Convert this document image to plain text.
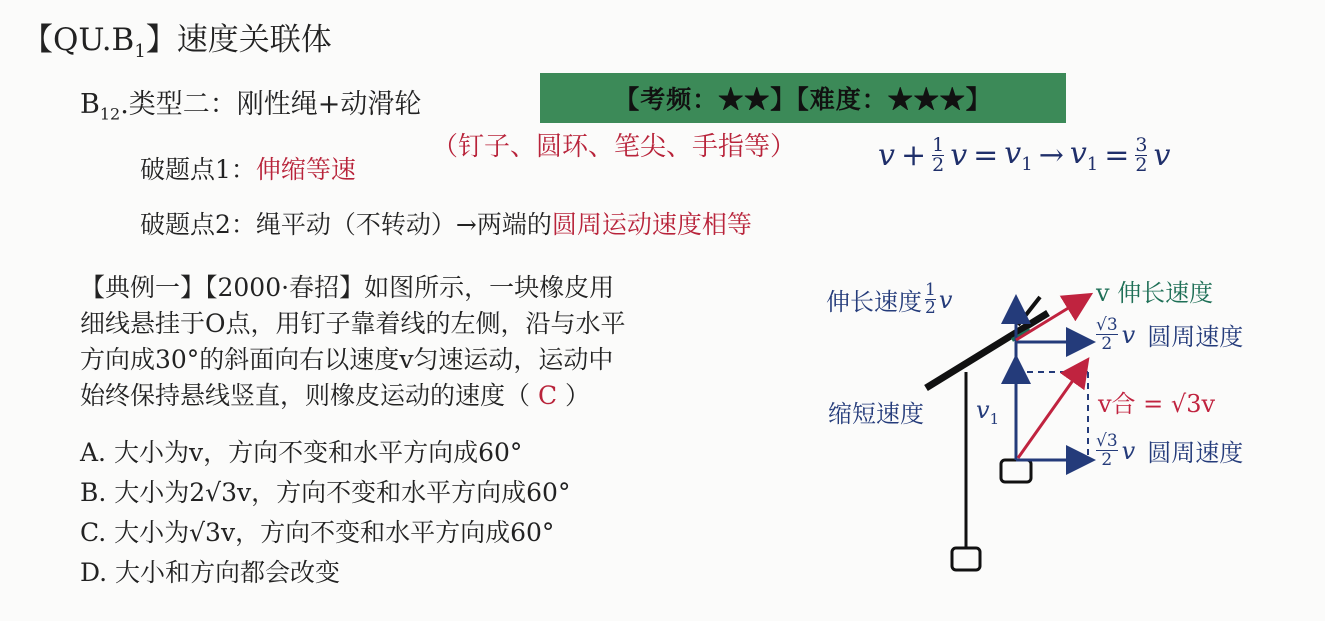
【$QU.B_1$】速度关联体
$B_{12}$.类型二：刚性绳+动滑轮	【考频：★★】【难度：★★★】
破题点1：伸缩等速
（钉子、圆环、笔尖、手指等）	$v + \frac{1}{2}$ $v = v_1 \to v_1 = \frac{3}{2}$ v
破题点2：绳平动（不转动）→两端的圆周运动速度相等
【典例一】【2000·春招】如图所示，一块橡皮用
细线悬挂于O点，用钉子靠着线的左侧，沿与水平
方向成30°的斜面向右以速度v匀速运动，运动中
始终保持悬线竖直，则橡皮运动的速度（ C ）
A. 大小为v，方向不变和水平方向成60°
B. 大小为2√3v，方向不变和水平方向成60°
C. 大小为√3v，方向不变和水平方向成60°
D. 大小和方向都会改变
伸长速度 $\frac{1}{2}$ v	v 伸长速度
$\frac{√3}{2}$ v 圆周速度
$\frac{√3}{2}$ v 圆周速度
缩短速度 $v_1$
v合 = √3v
